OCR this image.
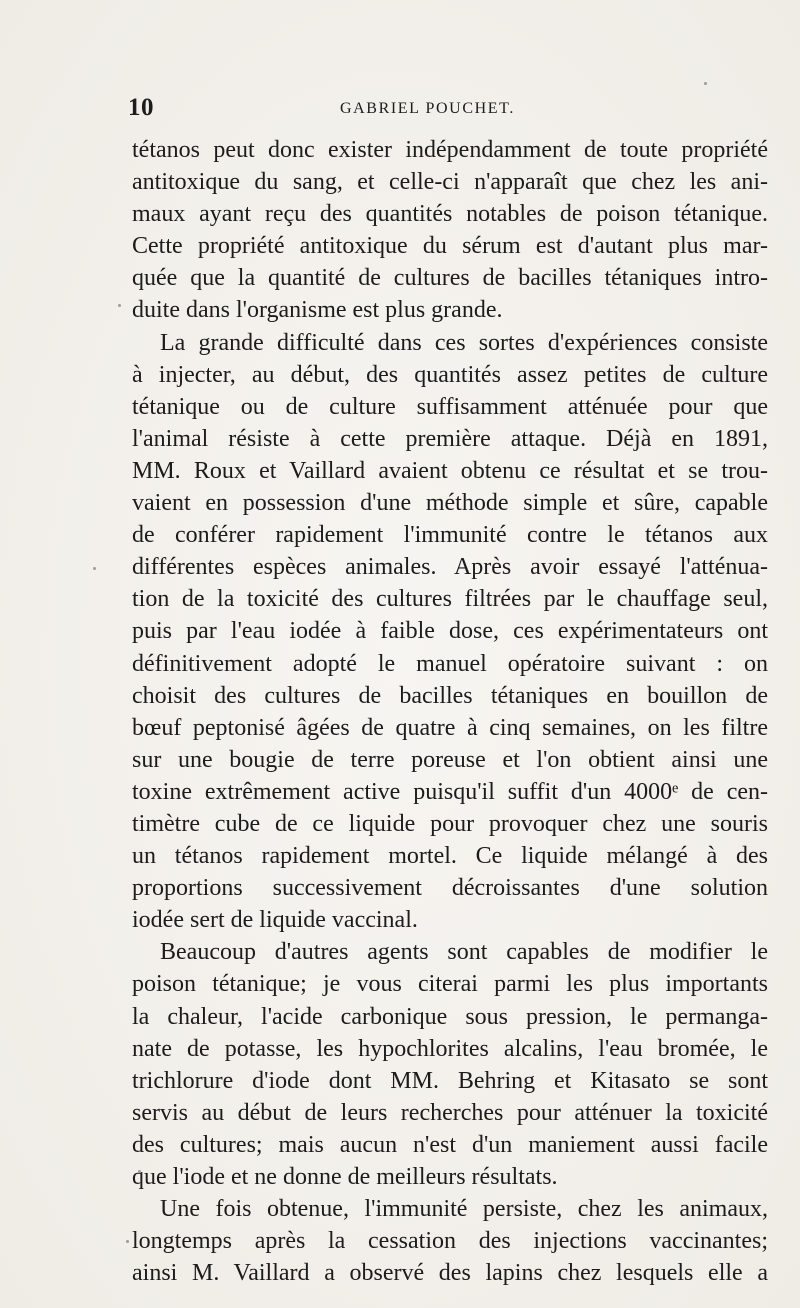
10	GABRIEL POUCHET.
tétanos peut donc exister indépendamment de toute propriété
antitoxique du sang, et celle-ci n'apparaît que chez les ani-
maux ayant reçu des quantités notables de poison tétanique.
Cette propriété antitoxique du sérum est d'autant plus mar-
quée que la quantité de cultures de bacilles tétaniques intro-
duite dans l'organisme est plus grande.
La grande difficulté dans ces sortes d'expériences consiste
à injecter, au début, des quantités assez petites de culture
tétanique ou de culture suffisamment atténuée pour que
l'animal résiste à cette première attaque. Déjà en 1891,
MM. Roux et Vaillard avaient obtenu ce résultat et se trou-
vaient en possession d'une méthode simple et sûre, capable
de conférer rapidement l'immunité contre le tétanos aux
différentes espèces animales. Après avoir essayé l'atténua-
tion de la toxicité des cultures filtrées par le chauffage seul,
puis par l'eau iodée à faible dose, ces expérimentateurs ont
définitivement adopté le manuel opératoire suivant : on
choisit des cultures de bacilles tétaniques en bouillon de
bœuf peptonisé âgées de quatre à cinq semaines, on les filtre
sur une bougie de terre poreuse et l'on obtient ainsi une
toxine extrêmement active puisqu'il suffit d'un 4000ᵉ de cen-
timètre cube de ce liquide pour provoquer chez une souris
un tétanos rapidement mortel. Ce liquide mélangé à des
proportions successivement décroissantes d'une solution
iodée sert de liquide vaccinal.
Beaucoup d'autres agents sont capables de modifier le
poison tétanique; je vous citerai parmi les plus importants
la chaleur, l'acide carbonique sous pression, le permanga-
nate de potasse, les hypochlorites alcalins, l'eau bromée, le
trichlorure d'iode dont MM. Behring et Kitasato se sont
servis au début de leurs recherches pour atténuer la toxicité
des cultures; mais aucun n'est d'un maniement aussi facile
que l'iode et ne donne de meilleurs résultats.
Une fois obtenue, l'immunité persiste, chez les animaux,
longtemps après la cessation des injections vaccinantes;
ainsi M. Vaillard a observé des lapins chez lesquels elle a
